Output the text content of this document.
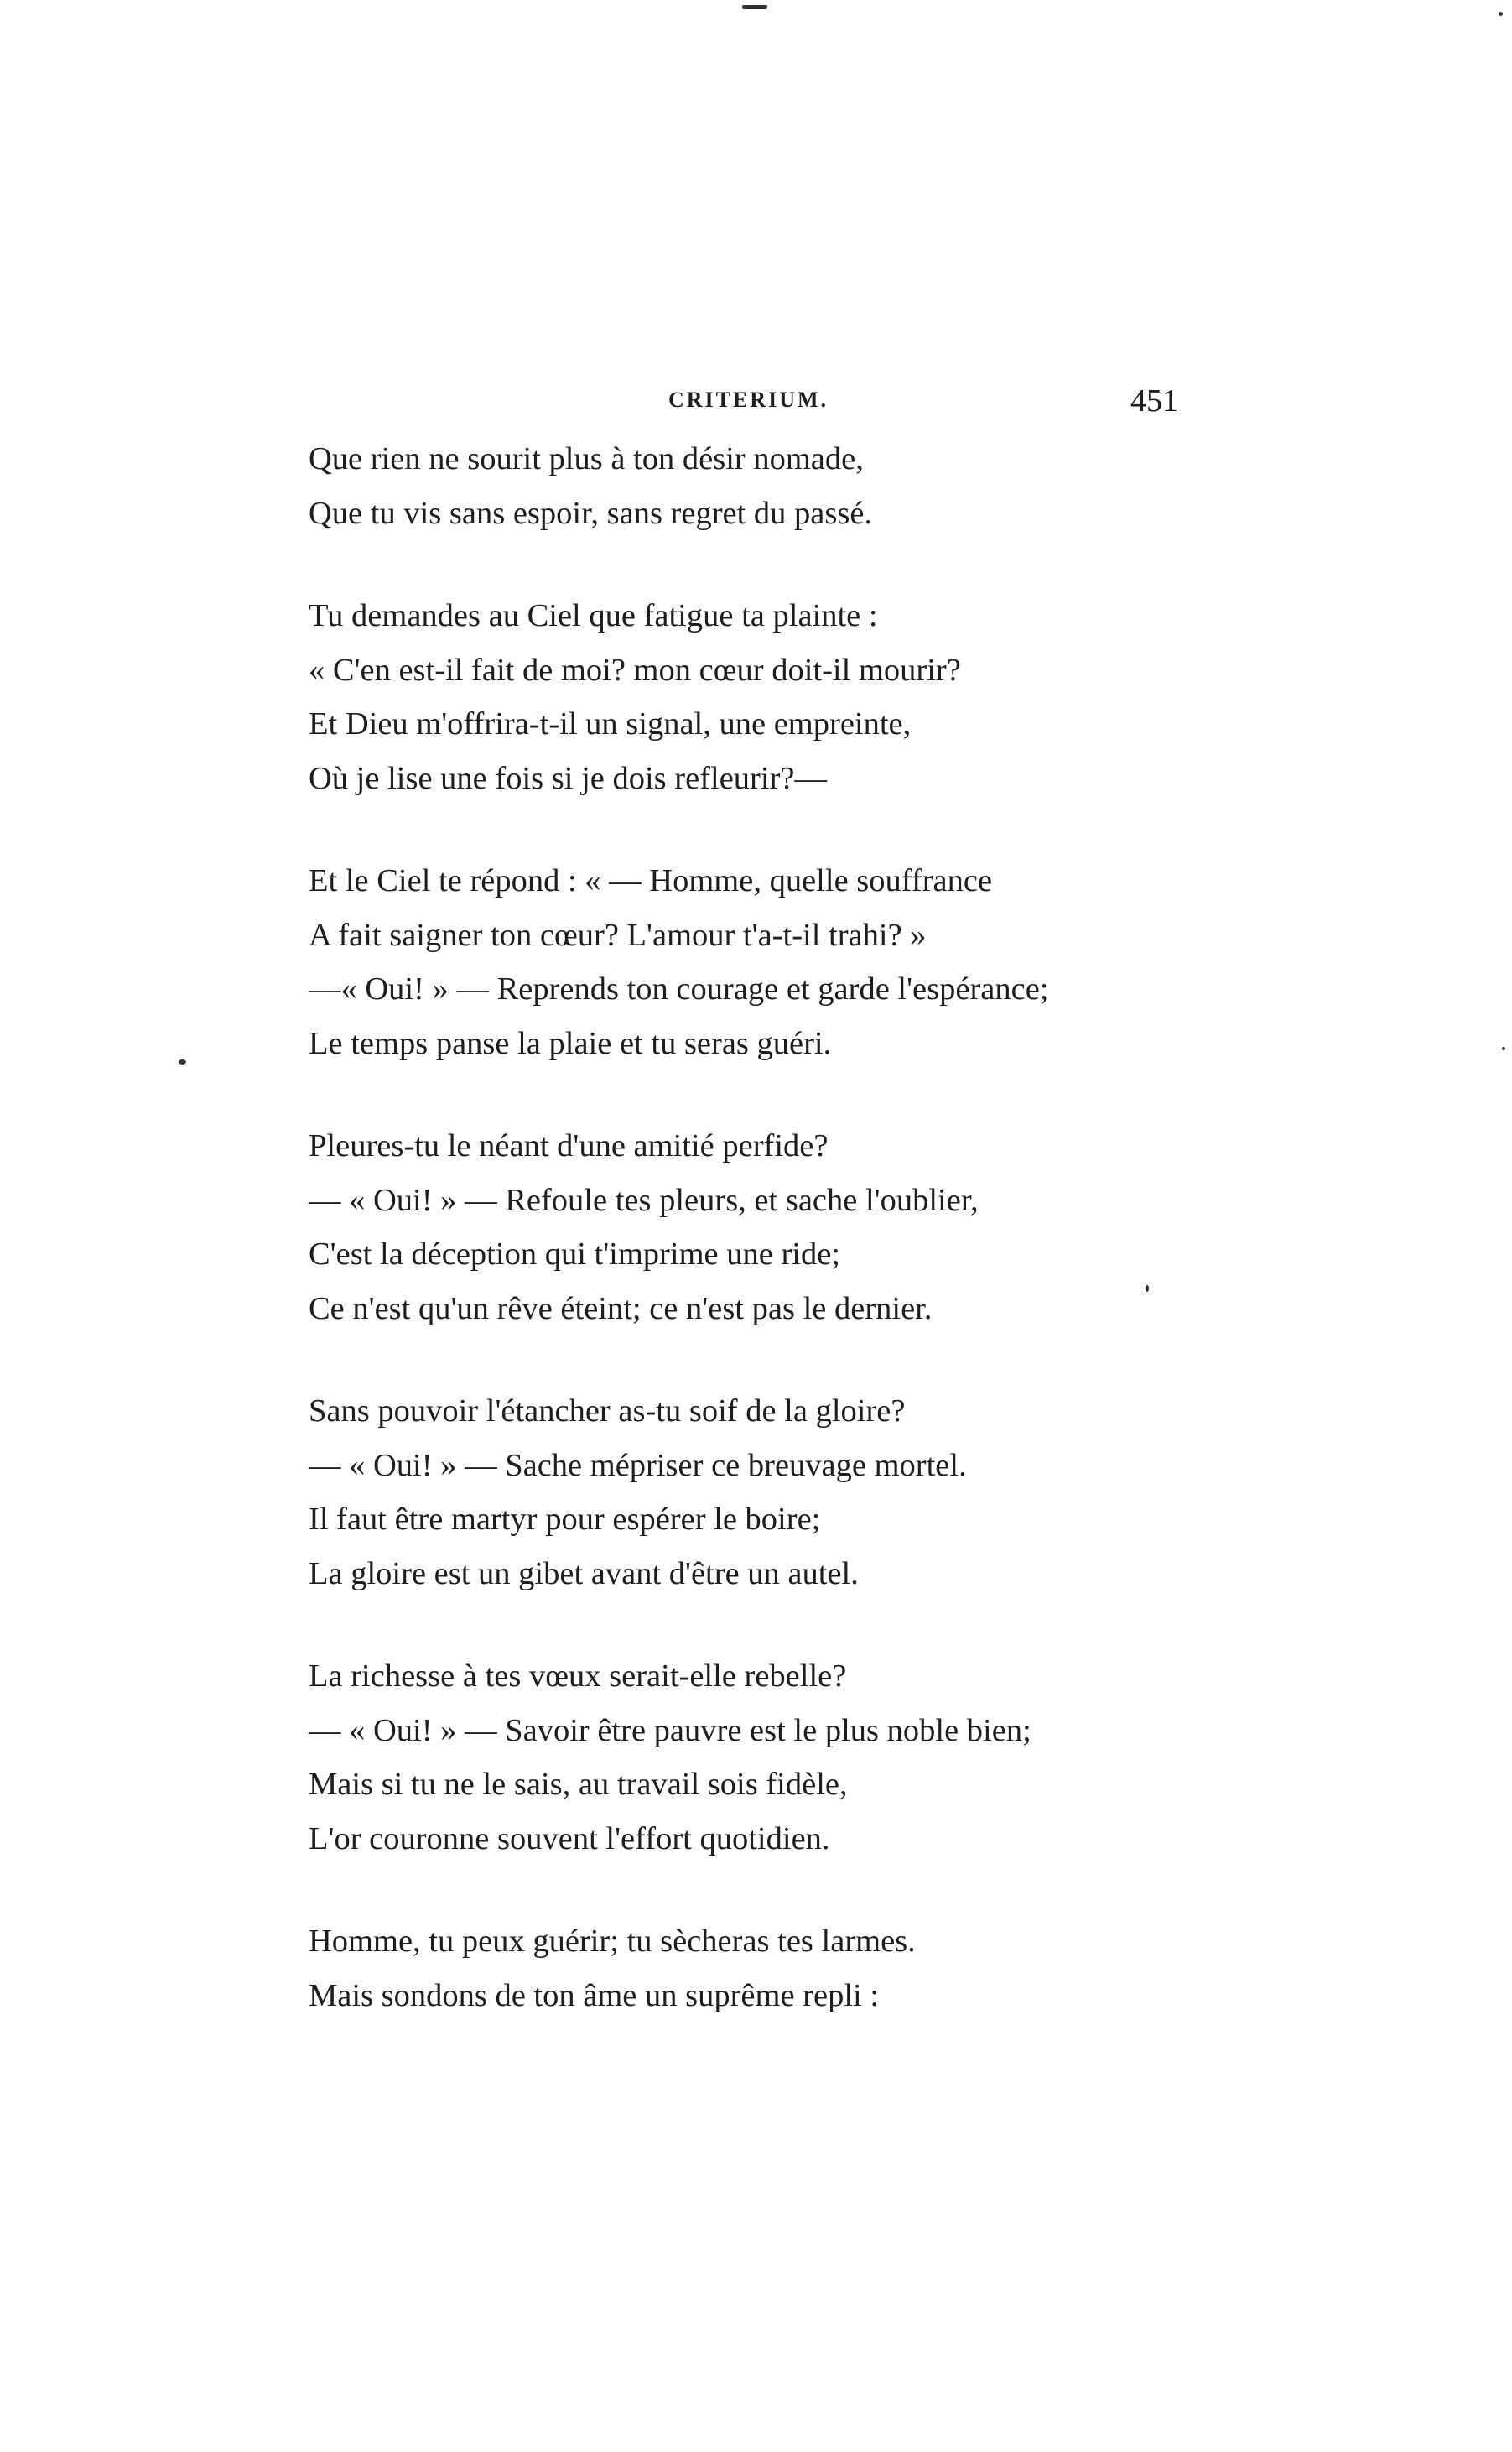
CRITERIUM.	451
Que rien ne sourit plus à ton désir nomade,
Que tu vis sans espoir, sans regret du passé.
Tu demandes au Ciel que fatigue ta plainte :
« C'en est-il fait de moi? mon cœur doit-il mourir?
Et Dieu m'offrira-t-il un signal, une empreinte,
Où je lise une fois si je dois refleurir?—
Et le Ciel te répond : « — Homme, quelle souffrance
A fait saigner ton cœur? L'amour t'a-t-il trahi? »
—« Oui! » — Reprends ton courage et garde l'espérance;
Le temps panse la plaie et tu seras guéri.
Pleures-tu le néant d'une amitié perfide?
— « Oui! » — Refoule tes pleurs, et sache l'oublier,
C'est la déception qui t'imprime une ride;
Ce n'est qu'un rêve éteint; ce n'est pas le dernier.
Sans pouvoir l'étancher as-tu soif de la gloire?
— « Oui! » — Sache mépriser ce breuvage mortel.
Il faut être martyr pour espérer le boire;
La gloire est un gibet avant d'être un autel.
La richesse à tes vœux serait-elle rebelle?
— « Oui! » — Savoir être pauvre est le plus noble bien;
Mais si tu ne le sais, au travail sois fidèle,
L'or couronne souvent l'effort quotidien.
Homme, tu peux guérir; tu sècheras tes larmes.
Mais sondons de ton âme un suprême repli :
